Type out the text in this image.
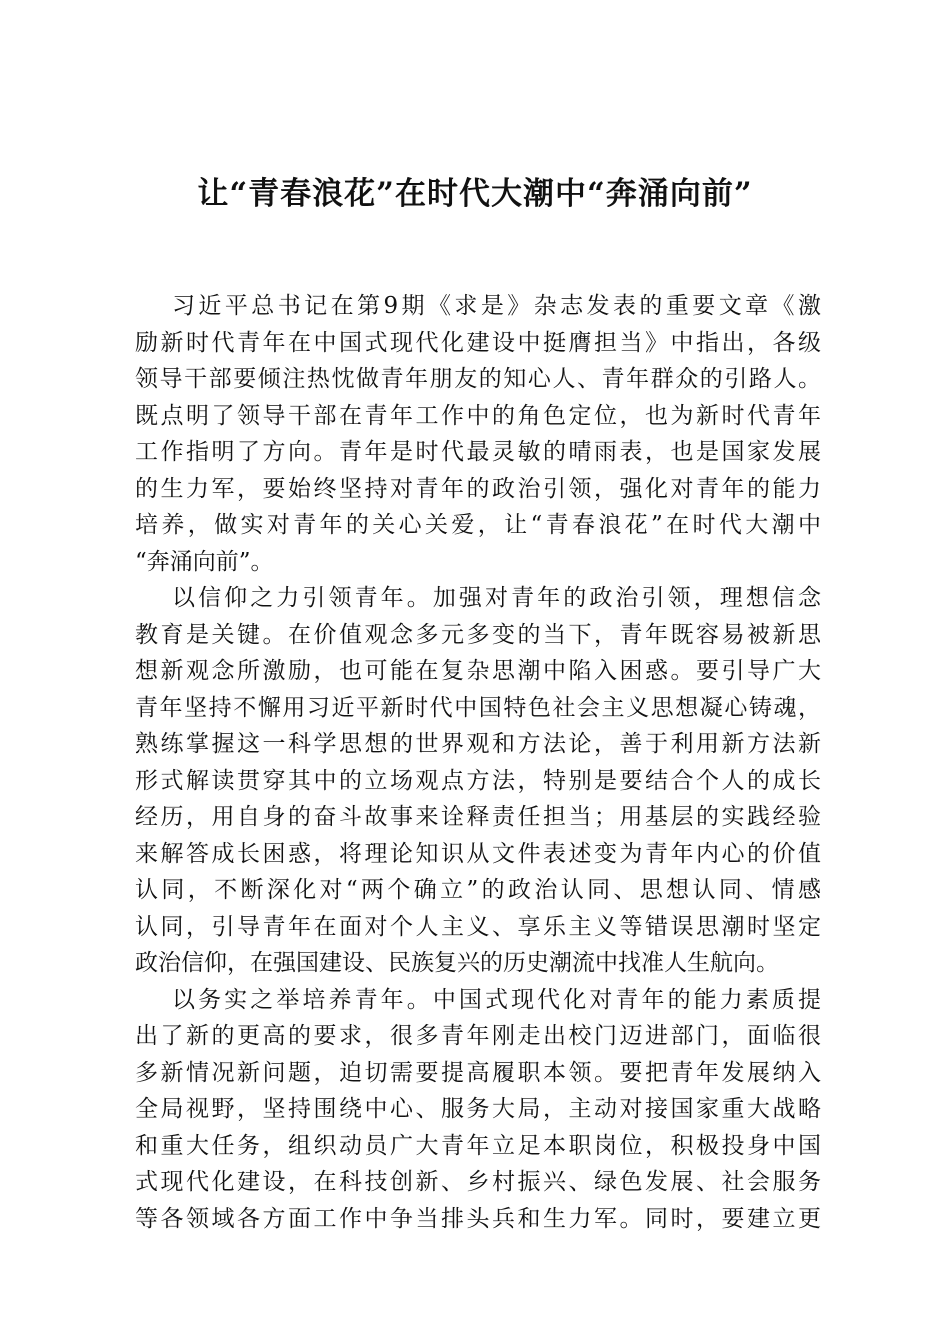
让“青春浪花”在时代大潮中“奔涌向前”
习近平总书记在第9期《求是》杂志发表的重要文章《激
励新时代青年在中国式现代化建设中挺膺担当》中指出，各级
领导干部要倾注热忱做青年朋友的知心人、青年群众的引路人。
既点明了领导干部在青年工作中的角色定位，也为新时代青年
工作指明了方向。青年是时代最灵敏的晴雨表，也是国家发展
的生力军，要始终坚持对青年的政治引领，强化对青年的能力
培养，做实对青年的关心关爱，让“青春浪花”在时代大潮中
“奔涌向前”。
以信仰之力引领青年。加强对青年的政治引领，理想信念
教育是关键。在价值观念多元多变的当下，青年既容易被新思
想新观念所激励，也可能在复杂思潮中陷入困惑。要引导广大
青年坚持不懈用习近平新时代中国特色社会主义思想凝心铸魂，
熟练掌握这一科学思想的世界观和方法论，善于利用新方法新
形式解读贯穿其中的立场观点方法，特别是要结合个人的成长
经历，用自身的奋斗故事来诠释责任担当；用基层的实践经验
来解答成长困惑，将理论知识从文件表述变为青年内心的价值
认同，不断深化对“两个确立”的政治认同、思想认同、情感
认同，引导青年在面对个人主义、享乐主义等错误思潮时坚定
政治信仰，在强国建设、民族复兴的历史潮流中找准人生航向。
以务实之举培养青年。中国式现代化对青年的能力素质提
出了新的更高的要求，很多青年刚走出校门迈进部门，面临很
多新情况新问题，迫切需要提高履职本领。要把青年发展纳入
全局视野，坚持围绕中心、服务大局，主动对接国家重大战略
和重大任务，组织动员广大青年立足本职岗位，积极投身中国
式现代化建设，在科技创新、乡村振兴、绿色发展、社会服务
等各领域各方面工作中争当排头兵和生力军。同时，要建立更
